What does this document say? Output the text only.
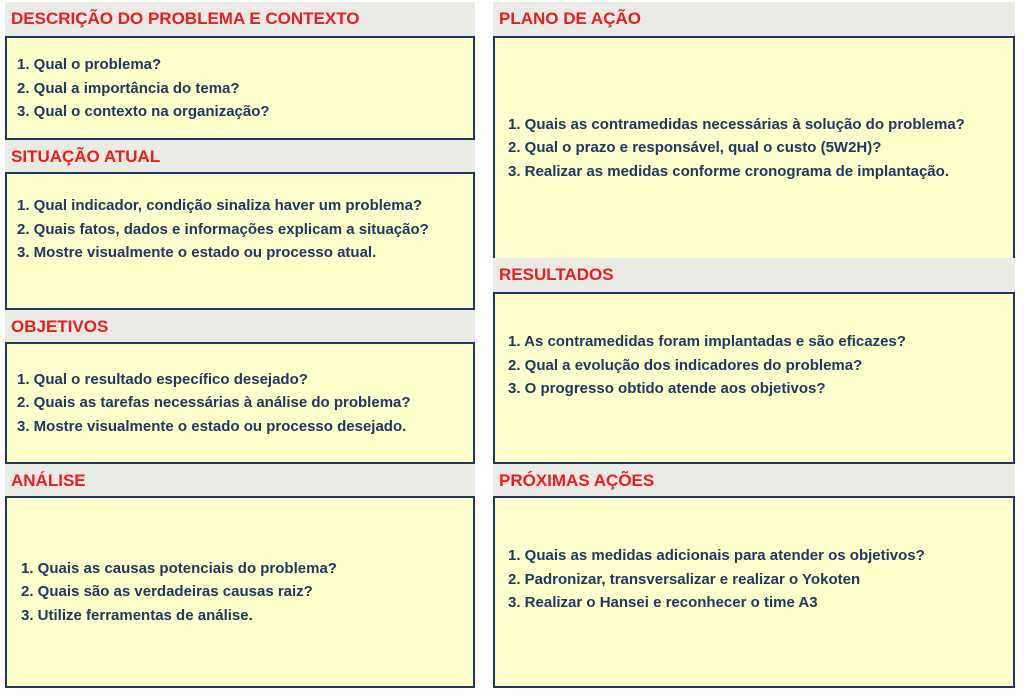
DESCRIÇÃO DO PROBLEMA E CONTEXTO
1. Qual o problema?
2. Qual a importância do tema?
3. Qual o contexto na organização?
SITUAÇÃO ATUAL
1. Qual indicador, condição sinaliza haver um problema?
2. Quais fatos, dados e informações explicam a situação?
3. Mostre visualmente o estado ou processo atual.
OBJETIVOS
1. Qual o resultado específico desejado?
2. Quais as tarefas necessárias à análise do problema?
3. Mostre visualmente o estado ou processo desejado.
ANÁLISE
1. Quais as causas potenciais do problema?
2. Quais são as verdadeiras causas raiz?
3. Utilize ferramentas de análise.
PLANO DE AÇÃO
1. Quais as contramedidas necessárias à solução do problema?
2. Qual o prazo e responsável, qual o custo (5W2H)?
3. Realizar as medidas conforme cronograma de implantação.
RESULTADOS
1. As contramedidas foram implantadas e são eficazes?
2. Qual a evolução dos indicadores do problema?
3. O progresso obtido atende aos objetivos?
PRÓXIMAS AÇÕES
1. Quais as medidas adicionais para atender os objetivos?
2. Padronizar, transversalizar e realizar o Yokoten
3. Realizar o Hansei e reconhecer o time A3
